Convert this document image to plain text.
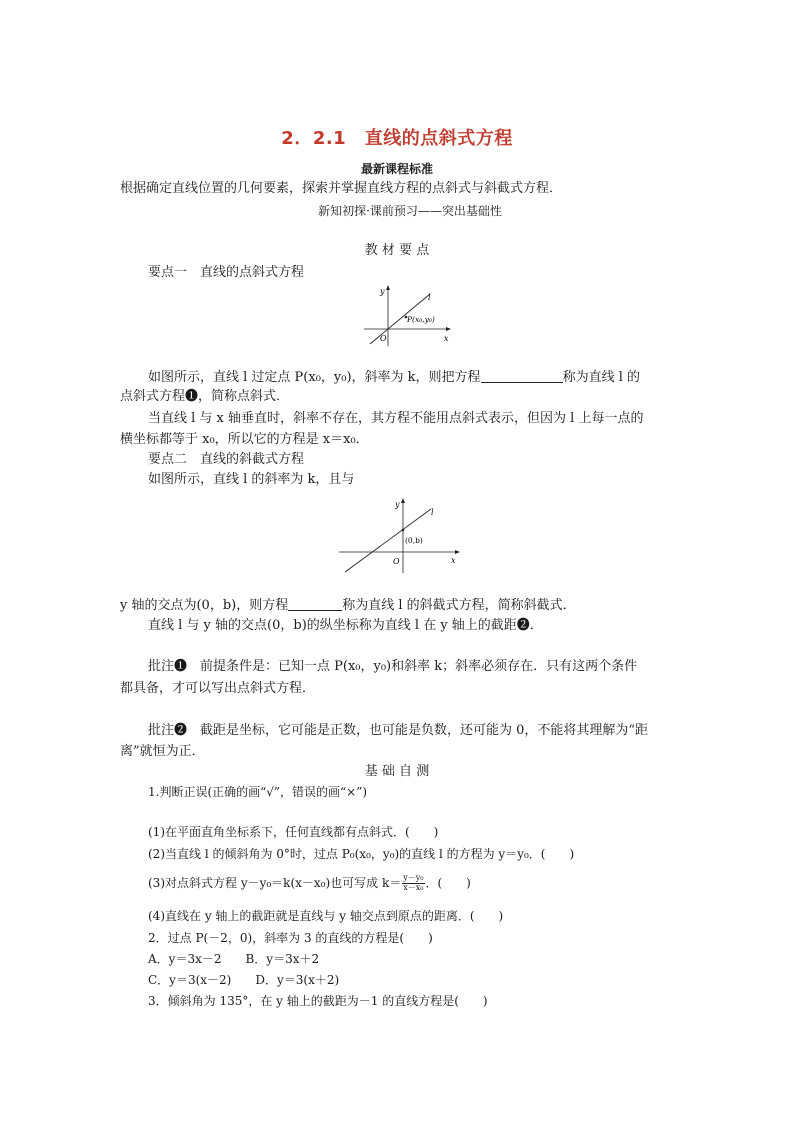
2．2.1　直线的点斜式方程
最新课程标准
根据确定直线位置的几何要素，探索并掌握直线方程的点斜式与斜截式方程．
新知初探·课前预习——突出基础性
教 材 要 点
要点一　直线的点斜式方程
y
x
O
l
P(x₀,y₀)
如图所示，直线 l 过定点 P(x₀，y₀)，斜率为 k，则把方程	称为直线 l 的
点斜式方程❶，简称点斜式．
当直线 l 与 x 轴垂直时，斜率不存在，其方程不能用点斜式表示，但因为 l 上每一点的
横坐标都等于 x₀，所以它的方程是 x＝x₀．
要点二　直线的斜截式方程
如图所示，直线 l 的斜率为 k，且与
y
x
O
l
(0,b)
y 轴的交点为(0，b)，则方程	称为直线 l 的斜截式方程，简称斜截式．
直线 l 与 y 轴的交点(0，b)的纵坐标称为直线 l 在 y 轴上的截距❷．
批注❶　前提条件是：已知一点 P(x₀，y₀)和斜率 k；斜率必须存在．只有这两个条件
都具备，才可以写出点斜式方程．
批注❷　截距是坐标，它可能是正数，也可能是负数，还可能为 0，不能将其理解为“距
离”就恒为正．
基 础 自 测
1.判断正误(正确的画“√”，错误的画“×”)
(1)在平面直角坐标系下，任何直线都有点斜式．(　　)
(2)当直线 l 的倾斜角为 0°时，过点 P₀(x₀，y₀)的直线 l 的方程为 y＝y₀．(　　)
(3)对点斜式方程 y－y₀＝k(x－x₀)也可写成 $k= \frac{\text{y－y₀}}{\text{x－x₀}}$ ．(　　)
(4)直线在 y 轴上的截距就是直线与 y 轴交点到原点的距离．(　　)
2．过点 P(－2，0)，斜率为 3 的直线的方程是(　　)
A．y＝3x－2　　B．y＝3x＋2
C．y＝3(x－2)　　D．y＝3(x＋2)
3．倾斜角为 135°，在 y 轴上的截距为－1 的直线方程是(　　)
